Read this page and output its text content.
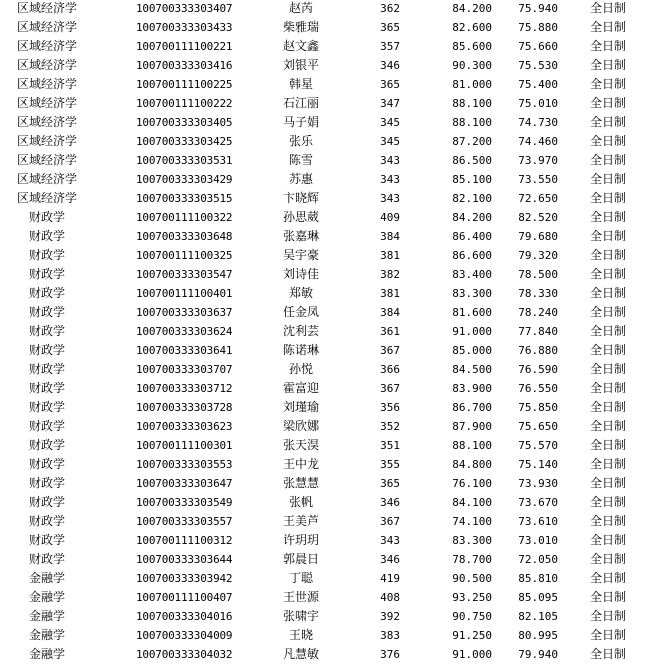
区域经济学	100700333303407	赵芮	362	84.200	75.940	全日制
区域经济学	100700333303433	柴雅瑞	365	82.600	75.880	全日制
区域经济学	100700111100221	赵文鑫	357	85.600	75.660	全日制
区域经济学	100700333303416	刘银平	346	90.300	75.530	全日制
区域经济学	100700111100225	韩星	365	81.000	75.400	全日制
区域经济学	100700111100222	石江丽	347	88.100	75.010	全日制
区域经济学	100700333303405	马子娟	345	88.100	74.730	全日制
区域经济学	100700333303425	张乐	345	87.200	74.460	全日制
区域经济学	100700333303531	陈雪	343	86.500	73.970	全日制
区域经济学	100700333303429	苏惠	343	85.100	73.550	全日制
区域经济学	100700333303515	卞晓辉	343	82.100	72.650	全日制
财政学	100700111100322	孙思葳	409	84.200	82.520	全日制
财政学	100700333303648	张嘉琳	384	86.400	79.680	全日制
财政学	100700111100325	吴宇豪	381	86.600	79.320	全日制
财政学	100700333303547	刘诗佳	382	83.400	78.500	全日制
财政学	100700111100401	郑敏	381	83.300	78.330	全日制
财政学	100700333303637	任金凤	384	81.600	78.240	全日制
财政学	100700333303624	沈利芸	361	91.000	77.840	全日制
财政学	100700333303641	陈诺琳	367	85.000	76.880	全日制
财政学	100700333303707	孙悦	366	84.500	76.590	全日制
财政学	100700333303712	霍富迎	367	83.900	76.550	全日制
财政学	100700333303728	刘瑾瑜	356	86.700	75.850	全日制
财政学	100700333303623	梁欣娜	352	87.900	75.650	全日制
财政学	100700111100301	张天淏	351	88.100	75.570	全日制
财政学	100700333303553	王中龙	355	84.800	75.140	全日制
财政学	100700333303647	张慧慧	365	76.100	73.930	全日制
财政学	100700333303549	张帆	346	84.100	73.670	全日制
财政学	100700333303557	王美芦	367	74.100	73.610	全日制
财政学	100700111100312	许玥玥	343	83.300	73.010	全日制
财政学	100700333303644	郭晨日	346	78.700	72.050	全日制
金融学	100700333303942	丁聪	419	90.500	85.810	全日制
金融学	100700111100407	王世源	408	93.250	85.095	全日制
金融学	100700333304016	张啸宇	392	90.750	82.105	全日制
金融学	100700333304009	王晓	383	91.250	80.995	全日制
金融学	100700333304032	凡慧敏	376	91.000	79.940	全日制
